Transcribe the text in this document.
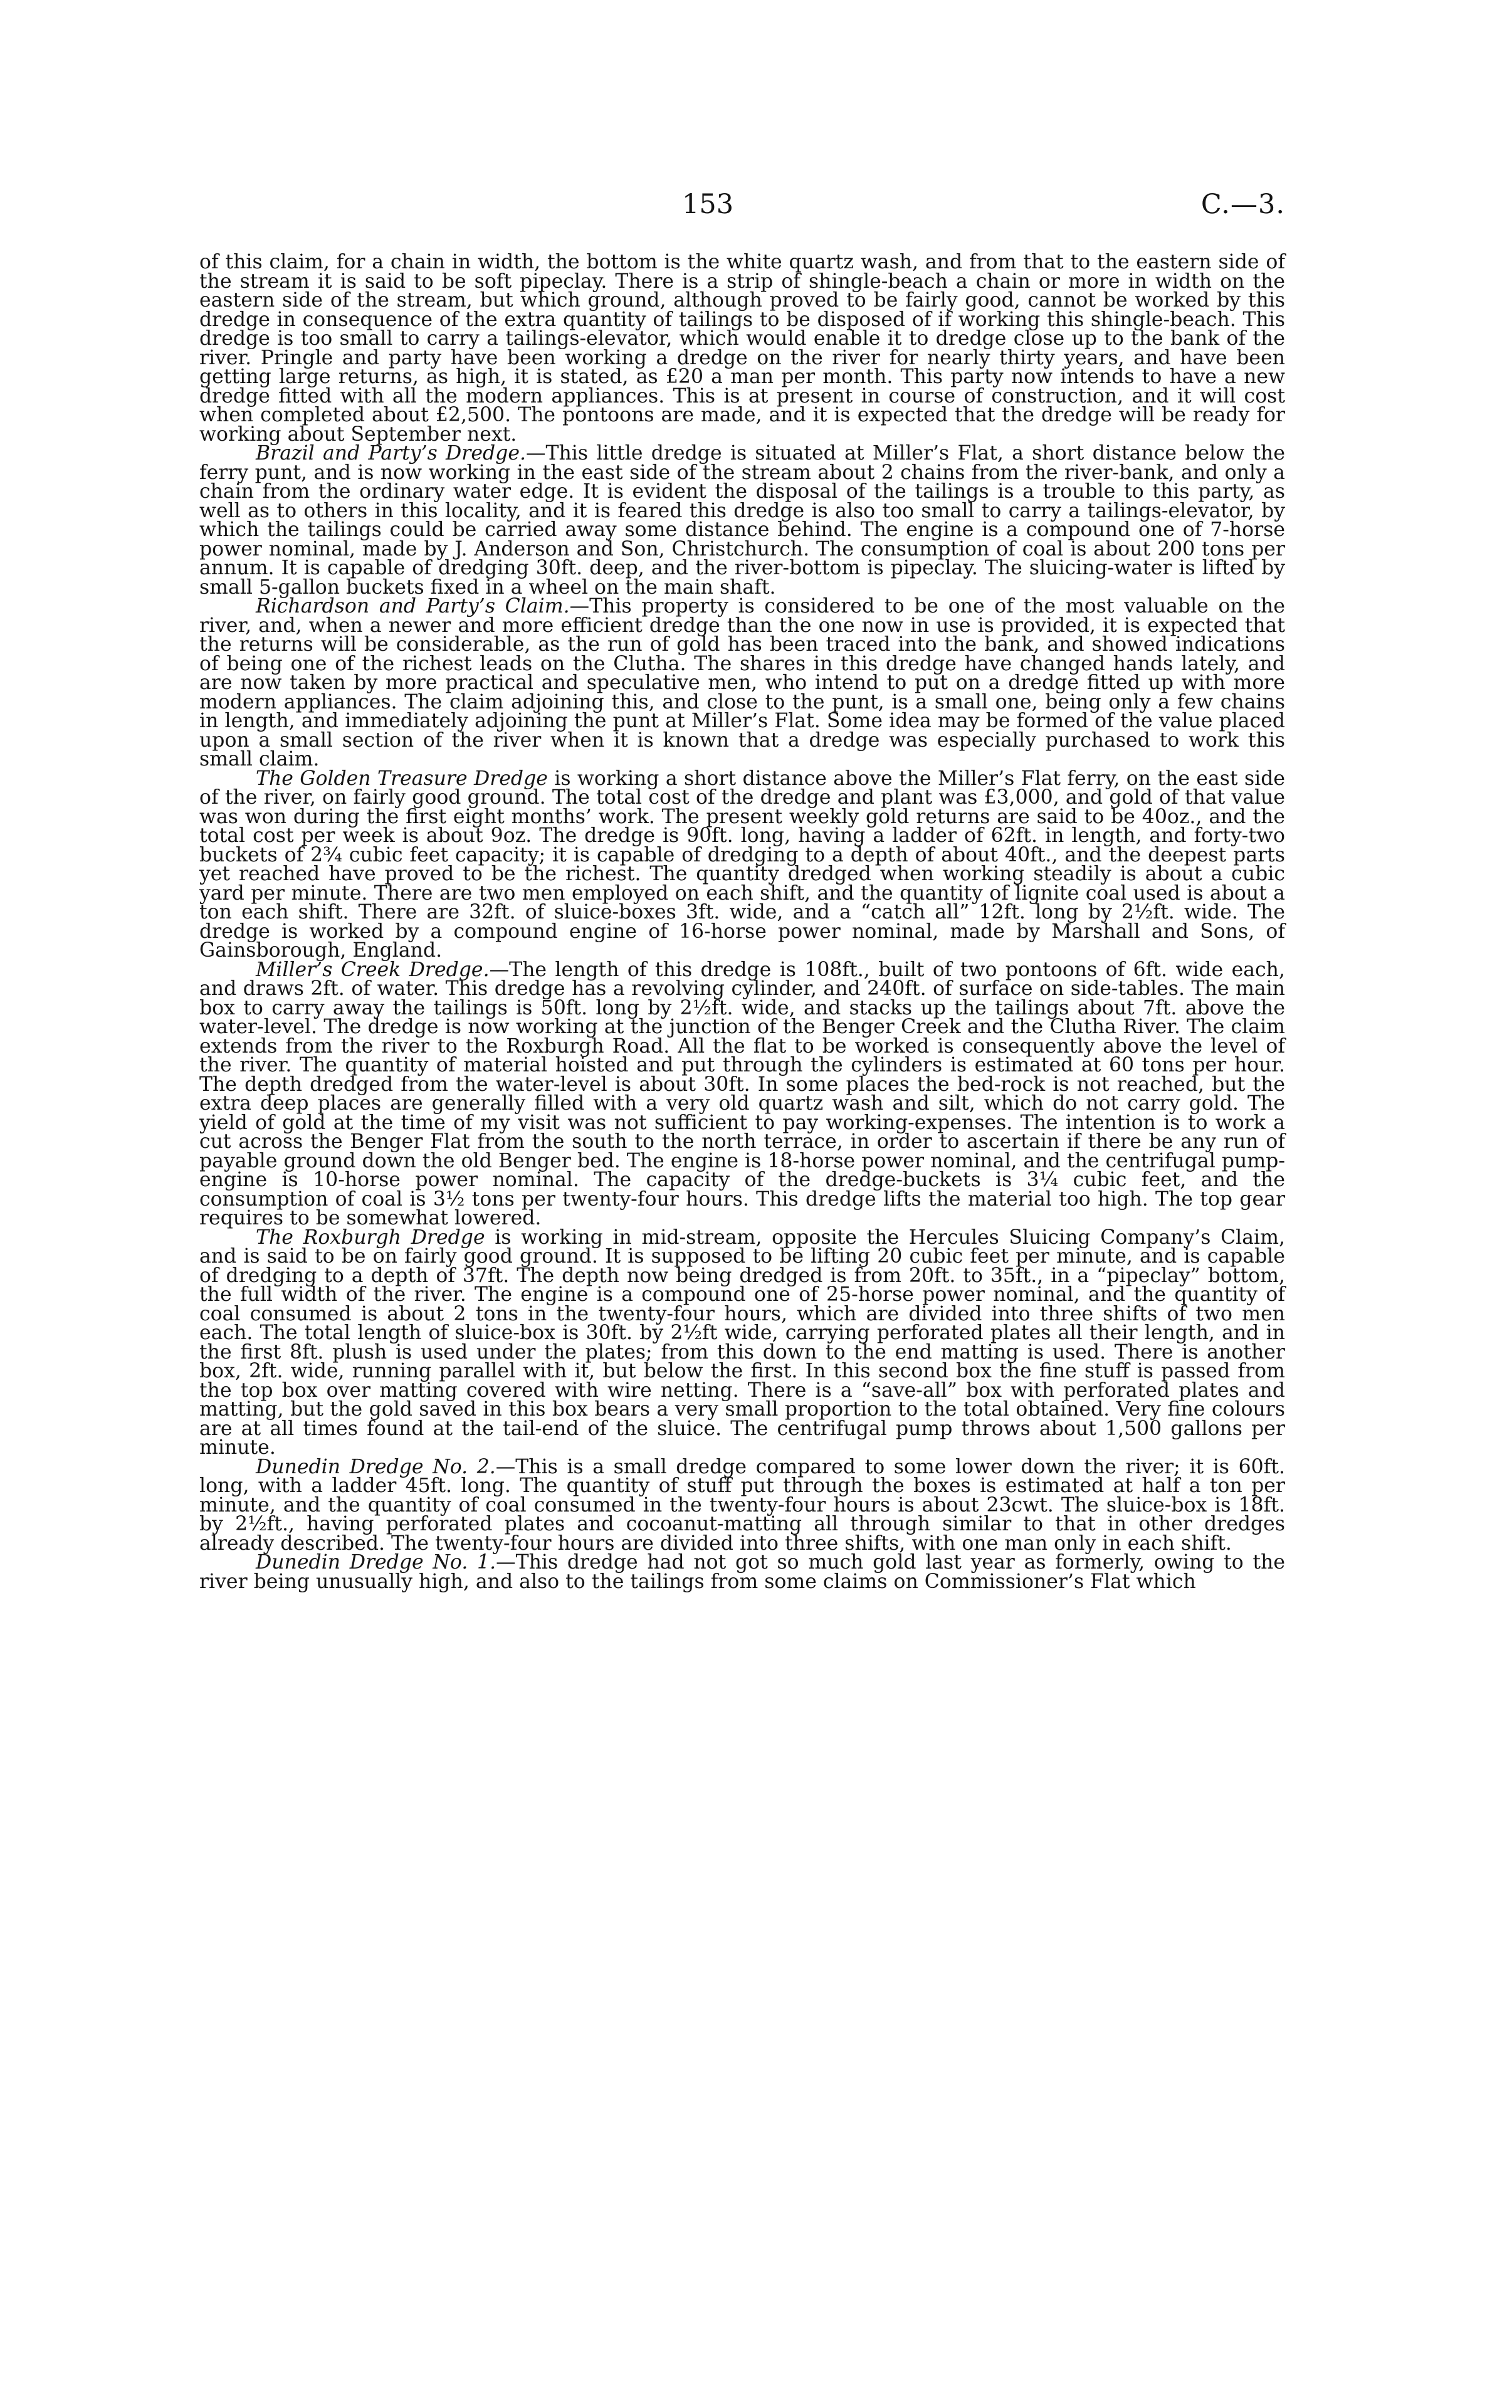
153	C.—3.

of this claim, for a chain in width, the bottom is the white quartz wash, and from that to the eastern side of the stream it is said to be soft pipeclay. There is a strip of shingle-beach a chain or more in width on the eastern side of the stream, but which ground, although proved to be fairly good, cannot be worked by this dredge in consequence of the extra quantity of tailings to be disposed of if working this shingle-beach. This dredge is too small to carry a tailings-elevator, which would enable it to dredge close up to the bank of the river. Pringle and party have been working a dredge on the river for nearly thirty years, and have been getting large returns, as high, it is stated, as £20 a man per month. This party now intends to have a new dredge fitted with all the modern appliances. This is at present in course of construction, and it will cost when completed about £2,500. The pontoons are made, and it is expected that the dredge will be ready for working about September next.

Brazil and Party’s Dredge.—This little dredge is situated at Miller’s Flat, a short distance below the ferry punt, and is now working in the east side of the stream about 2 chains from the river-bank, and only a chain from the ordinary water edge. It is evident the disposal of the tailings is a trouble to this party, as well as to others in this locality, and it is feared this dredge is also too small to carry a tailings-elevator, by which the tailings could be carried away some distance behind. The engine is a compound one of 7-horse power nominal, made by J. Anderson and Son, Christchurch. The consumption of coal is about 200 tons per annum. It is capable of dredging 30ft. deep, and the river-bottom is pipeclay. The sluicing-water is lifted by small 5-gallon buckets fixed in a wheel on the main shaft.

Richardson and Party’s Claim.—This property is considered to be one of the most valuable on the river, and, when a newer and more efficient dredge than the one now in use is provided, it is expected that the returns will be considerable, as the run of gold has been traced into the bank, and showed indications of being one of the richest leads on the Clutha. The shares in this dredge have changed hands lately, and are now taken by more practical and speculative men, who intend to put on a dredge fitted up with more modern appliances. The claim adjoining this, and close to the punt, is a small one, being only a few chains in length, and immediately adjoining the punt at Miller’s Flat. Some idea may be formed of the value placed upon a small section of the river when it is known that a dredge was especially purchased to work this small claim.

The Golden Treasure Dredge is working a short distance above the Miller’s Flat ferry, on the east side of the river, on fairly good ground. The total cost of the dredge and plant was £3,000, and gold of that value was won during the first eight months’ work. The present weekly gold returns are said to be 40oz., and the total cost per week is about 9oz. The dredge is 90ft. long, having a ladder of 62ft. in length, and forty-two buckets of 2¾ cubic feet capacity; it is capable of dredging to a depth of about 40ft., and the deepest parts yet reached have proved to be the richest. The quantity dredged when working steadily is about a cubic yard per minute. There are two men employed on each shift, and the quantity of lignite coal used is about a ton each shift. There are 32ft. of sluice-boxes 3ft. wide, and a “catch all” 12ft. long by 2½ft. wide. The dredge is worked by a compound engine of 16-horse power nominal, made by Marshall and Sons, of Gainsborough, England.

Miller’s Creek Dredge.—The length of this dredge is 108ft., built of two pontoons of 6ft. wide each, and draws 2ft. of water. This dredge has a revolving cylinder, and 240ft. of surface on side-tables. The main box to carry away the tailings is 50ft. long by 2½ft. wide, and stacks up the tailings about 7ft. above the water-level. The dredge is now working at the junction of the Benger Creek and the Clutha River. The claim extends from the river to the Roxburgh Road. All the flat to be worked is consequently above the level of the river. The quantity of material hoisted and put through the cylinders is estimated at 60 tons per hour. The depth dredged from the water-level is about 30ft. In some places the bed-rock is not reached, but the extra deep places are generally filled with a very old quartz wash and silt, which do not carry gold. The yield of gold at the time of my visit was not sufficient to pay working-expenses. The intention is to work a cut across the Benger Flat from the south to the north terrace, in order to ascertain if there be any run of payable ground down the old Benger bed. The engine is 18-horse power nominal, and the centrifugal pump-engine is 10-horse power nominal. The capacity of the dredge-buckets is 3¼ cubic feet, and the consumption of coal is 3½ tons per twenty-four hours. This dredge lifts the material too high. The top gear requires to be somewhat lowered.

The Roxburgh Dredge is working in mid-stream, opposite the Hercules Sluicing Company’s Claim, and is said to be on fairly good ground. It is supposed to be lifting 20 cubic feet per minute, and is capable of dredging to a depth of 37ft. The depth now being dredged is from 20ft. to 35ft., in a “pipeclay” bottom, the full width of the river. The engine is a compound one of 25-horse power nominal, and the quantity of coal consumed is about 2 tons in the twenty-four hours, which are divided into three shifts of two men each. The total length of sluice-box is 30ft. by 2½ft wide, carrying perforated plates all their length, and in the first 8ft. plush is used under the plates; from this down to the end matting is used. There is another box, 2ft. wide, running parallel with it, but below the first. In this second box the fine stuff is passed from the top box over matting covered with wire netting. There is a “save-all” box with perforated plates and matting, but the gold saved in this box bears a very small proportion to the total obtained. Very fine colours are at all times found at the tail-end of the sluice. The centrifugal pump throws about 1,500 gallons per minute.

Dunedin Dredge No. 2.—This is a small dredge compared to some lower down the river; it is 60ft. long, with a ladder 45ft. long. The quantity of stuff put through the boxes is estimated at half a ton per minute, and the quantity of coal consumed in the twenty-four hours is about 23cwt. The sluice-box is 18ft. by 2½ft., having perforated plates and cocoanut-matting all through similar to that in other dredges already described. The twenty-four hours are divided into three shifts, with one man only in each shift.

Dunedin Dredge No. 1.—This dredge had not got so much gold last year as formerly, owing to the river being unusually high, and also to the tailings from some claims on Commissioner’s Flat which
